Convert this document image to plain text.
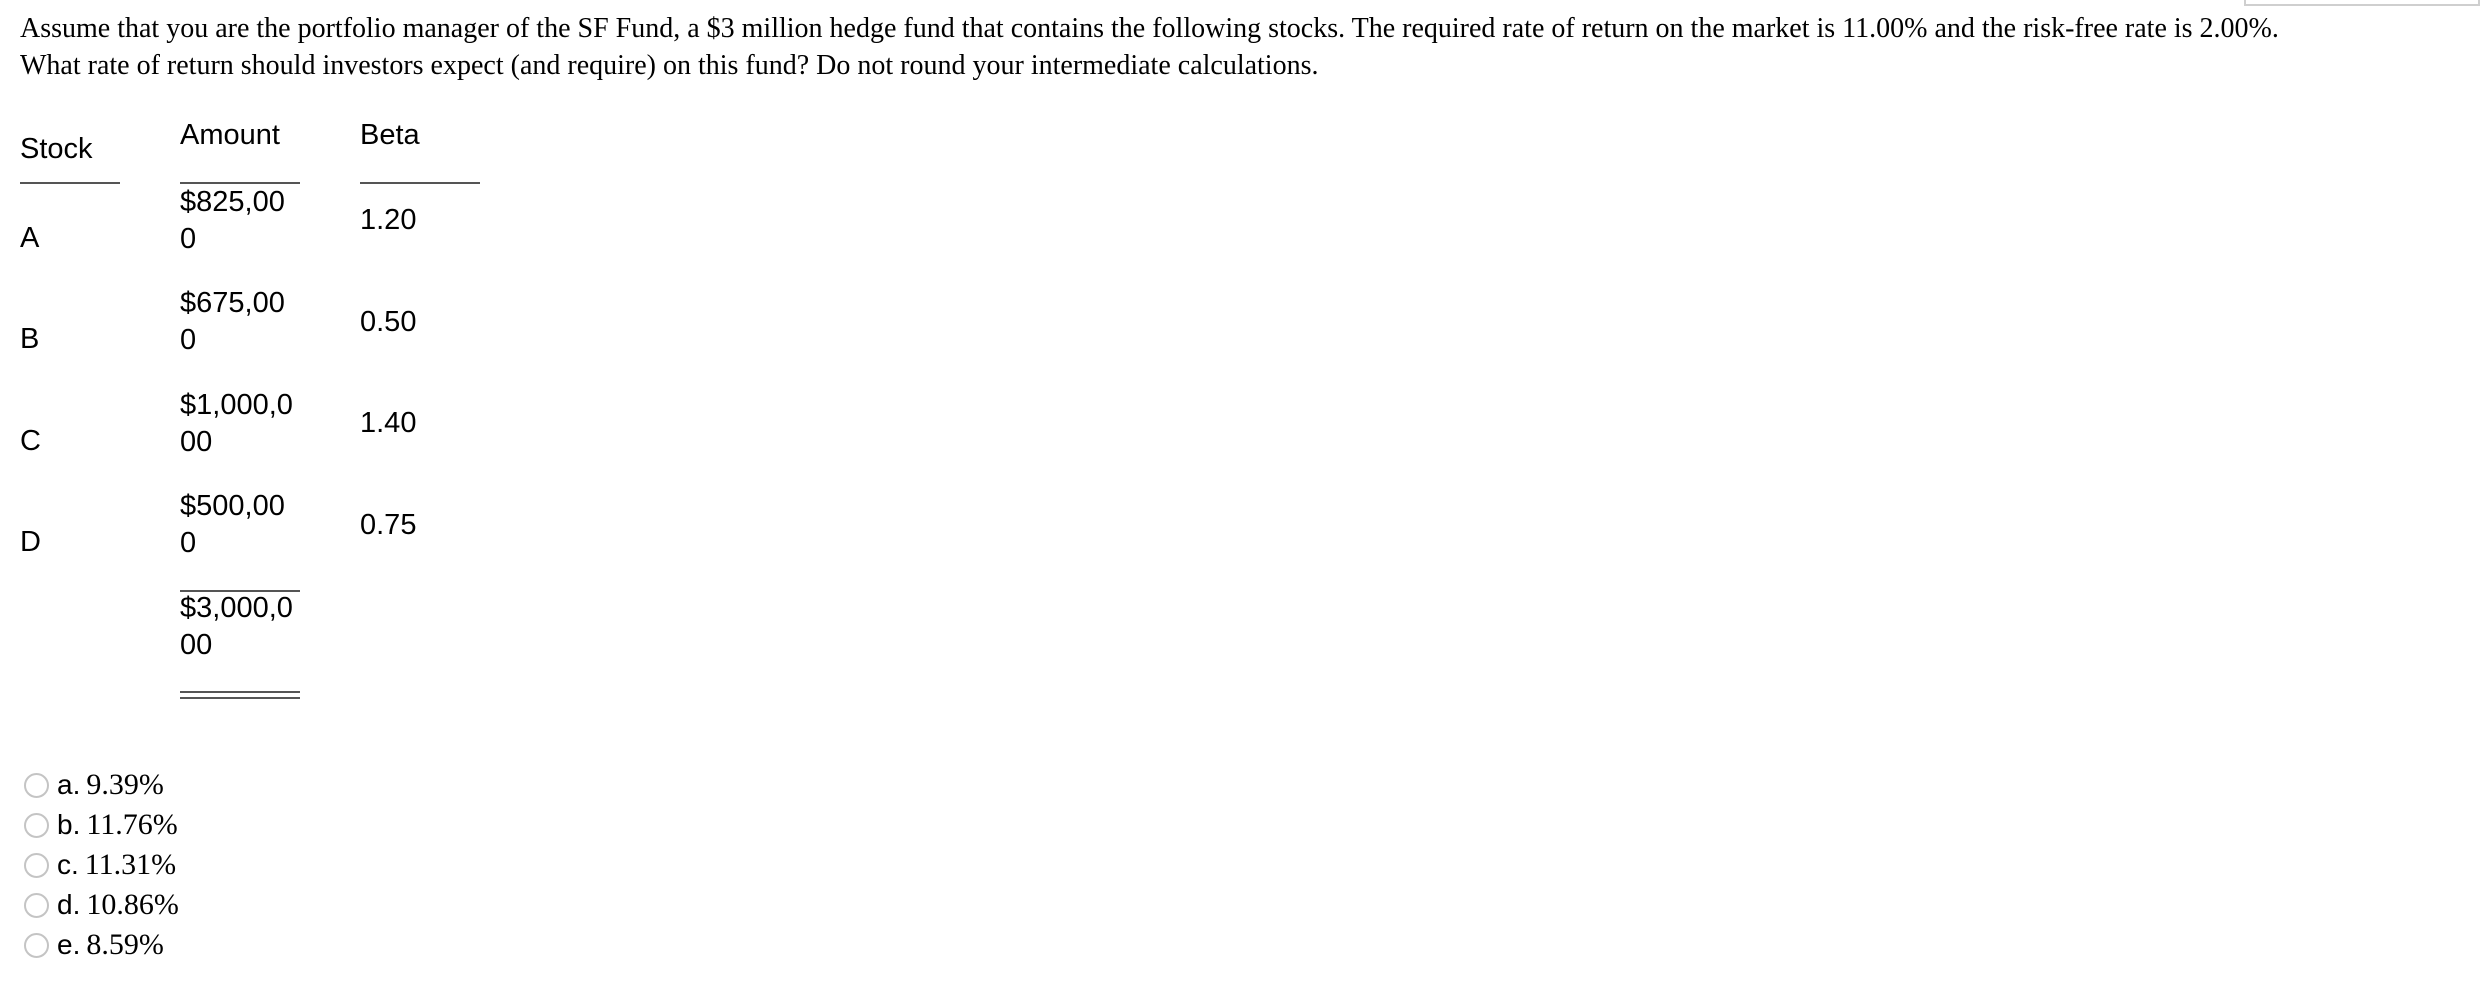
Assume that you are the portfolio manager of the SF Fund, a $3 million hedge fund that contains the following stocks. The required rate of return on the market is 11.00% and the risk-free rate is 2.00%.
What rate of return should investors expect (and require) on this fund? Do not round your intermediate calculations.
Stock	Amount	Beta
A
$825,00
0
1.20
B
$675,00
0
0.50
C
$1,000,0
00
1.40
D
$500,00
0
0.75
$3,000,0
00
a. 9.39%
b. 11.76%
c. 11.31%
d. 10.86%
e. 8.59%
